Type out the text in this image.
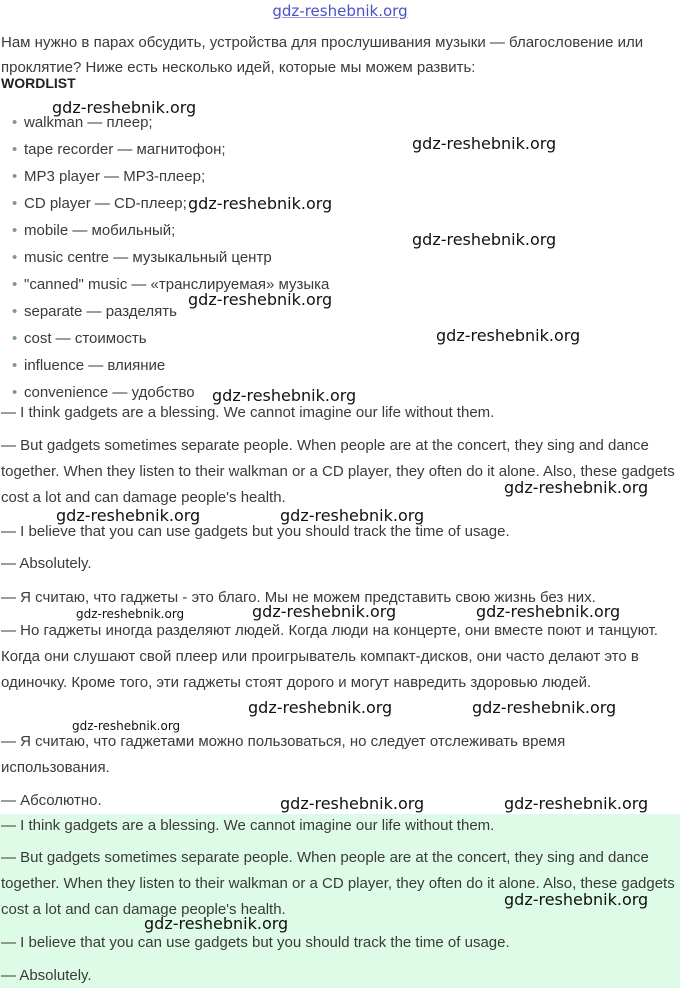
gdz-reshebnik.org
Нам нужно в парах обсудить, устройства для прослушивания музыки — благословение или проклятие? Ниже есть несколько идей, которые мы можем развить:
WORDLIST
• walkman — плеер;
• tape recorder — магнитофон;
• MP3 player — MP3-плеер;
• CD player — CD-плеер;
• mobile — мобильный;
• music centre — музыкальный центр
• "canned" music — «транслируемая» музыка
• separate — разделять
• cost — стоимость
• influence — влияние
• convenience — удобство

— I think gadgets are a blessing. We cannot imagine our life without them.

— But gadgets sometimes separate people. When people are at the concert, they sing and dance together. When they listen to their walkman or a CD player, they often do it alone. Also, these gadgets cost a lot and can damage people's health.

— I believe that you can use gadgets but you should track the time of usage.

— Absolutely.

— Я считаю, что гаджеты - это благо. Мы не можем представить свою жизнь без них.

— Но гаджеты иногда разделяют людей. Когда люди на концерте, они вместе поют и танцуют. Когда они слушают свой плеер или проигрыватель компакт-дисков, они часто делают это в одиночку. Кроме того, эти гаджеты стоят дорого и могут навредить здоровью людей.

— Я считаю, что гаджетами можно пользоваться, но следует отслеживать время использования.

— Абсолютно.

— I think gadgets are a blessing. We cannot imagine our life without them.

— But gadgets sometimes separate people. When people are at the concert, they sing and dance together. When they listen to their walkman or a CD player, they often do it alone. Also, these gadgets cost a lot and can damage people's health.

— I believe that you can use gadgets but you should track the time of usage.

— Absolutely.

gdz-reshebnik.org
gdz-reshebnik.org
gdz-reshebnik.org
gdz-reshebnik.org
gdz-reshebnik.org
gdz-reshebnik.org
gdz-reshebnik.org
gdz-reshebnik.org
gdz-reshebnik.org	gdz-reshebnik.org
gdz-reshebnik.org	gdz-reshebnik.org	gdz-reshebnik.org
gdz-reshebnik.org	gdz-reshebnik.org
gdz-reshebnik.org
gdz-reshebnik.org	gdz-reshebnik.org
gdz-reshebnik.org
gdz-reshebnik.org
